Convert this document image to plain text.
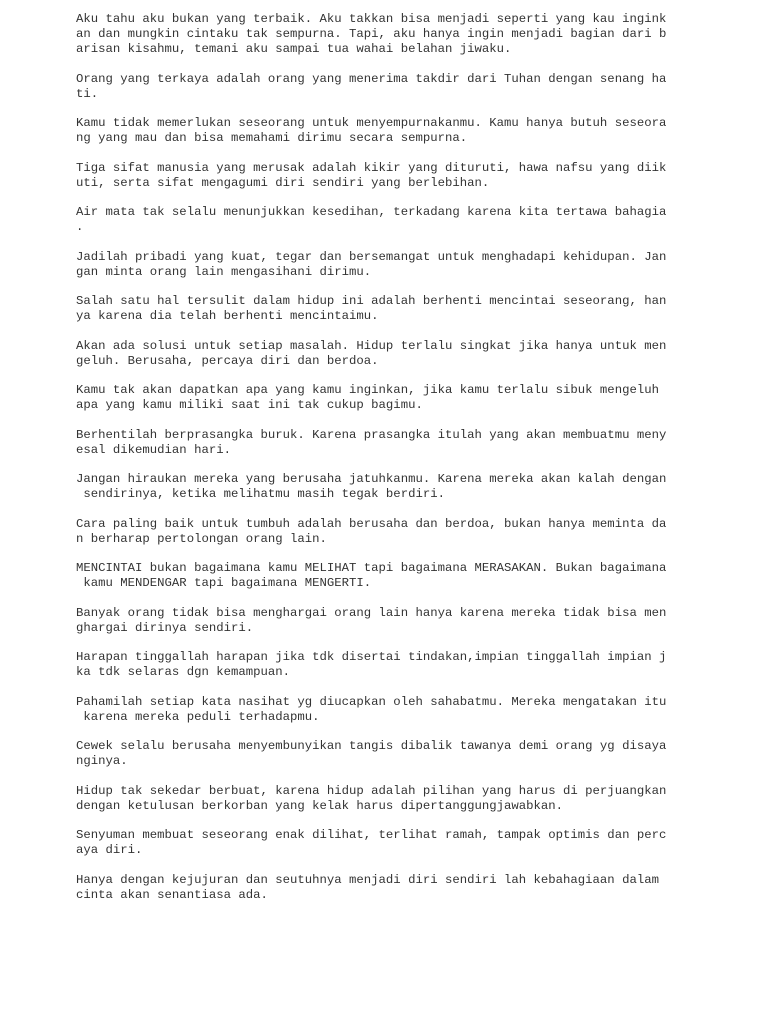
Aku tahu aku bukan yang terbaik. Aku takkan bisa menjadi seperti yang kau ingink
an dan mungkin cintaku tak sempurna. Tapi, aku hanya ingin menjadi bagian dari b
arisan kisahmu, temani aku sampai tua wahai belahan jiwaku.

Orang yang terkaya adalah orang yang menerima takdir dari Tuhan dengan senang ha
ti.

Kamu tidak memerlukan seseorang untuk menyempurnakanmu. Kamu hanya butuh seseora
ng yang mau dan bisa memahami dirimu secara sempurna.

Tiga sifat manusia yang merusak adalah kikir yang dituruti, hawa nafsu yang diik
uti, serta sifat mengagumi diri sendiri yang berlebihan.

Air mata tak selalu menunjukkan kesedihan, terkadang karena kita tertawa bahagia
.

Jadilah pribadi yang kuat, tegar dan bersemangat untuk menghadapi kehidupan. Jan
gan minta orang lain mengasihani dirimu.

Salah satu hal tersulit dalam hidup ini adalah berhenti mencintai seseorang, han
ya karena dia telah berhenti mencintaimu.

Akan ada solusi untuk setiap masalah. Hidup terlalu singkat jika hanya untuk men
geluh. Berusaha, percaya diri dan berdoa.

Kamu tak akan dapatkan apa yang kamu inginkan, jika kamu terlalu sibuk mengeluh
apa yang kamu miliki saat ini tak cukup bagimu.

Berhentilah berprasangka buruk. Karena prasangka itulah yang akan membuatmu meny
esal dikemudian hari.

Jangan hiraukan mereka yang berusaha jatuhkanmu. Karena mereka akan kalah dengan
sendirinya, ketika melihatmu masih tegak berdiri.

Cara paling baik untuk tumbuh adalah berusaha dan berdoa, bukan hanya meminta da
n berharap pertolongan orang lain.

MENCINTAI bukan bagaimana kamu MELIHAT tapi bagaimana MERASAKAN. Bukan bagaimana
kamu MENDENGAR tapi bagaimana MENGERTI.

Banyak orang tidak bisa menghargai orang lain hanya karena mereka tidak bisa men
ghargai dirinya sendiri.

Harapan tinggallah harapan jika tdk disertai tindakan,impian tinggallah impian j
ka tdk selaras dgn kemampuan.

Pahamilah setiap kata nasihat yg diucapkan oleh sahabatmu. Mereka mengatakan itu
karena mereka peduli terhadapmu.

Cewek selalu berusaha menyembunyikan tangis dibalik tawanya demi orang yg disaya
nginya.

Hidup tak sekedar berbuat, karena hidup adalah pilihan yang harus di perjuangkan
dengan ketulusan berkorban yang kelak harus dipertanggungjawabkan.

Senyuman membuat seseorang enak dilihat, terlihat ramah, tampak optimis dan perc
aya diri.

Hanya dengan kejujuran dan seutuhnya menjadi diri sendiri lah kebahagiaan dalam
cinta akan senantiasa ada.
